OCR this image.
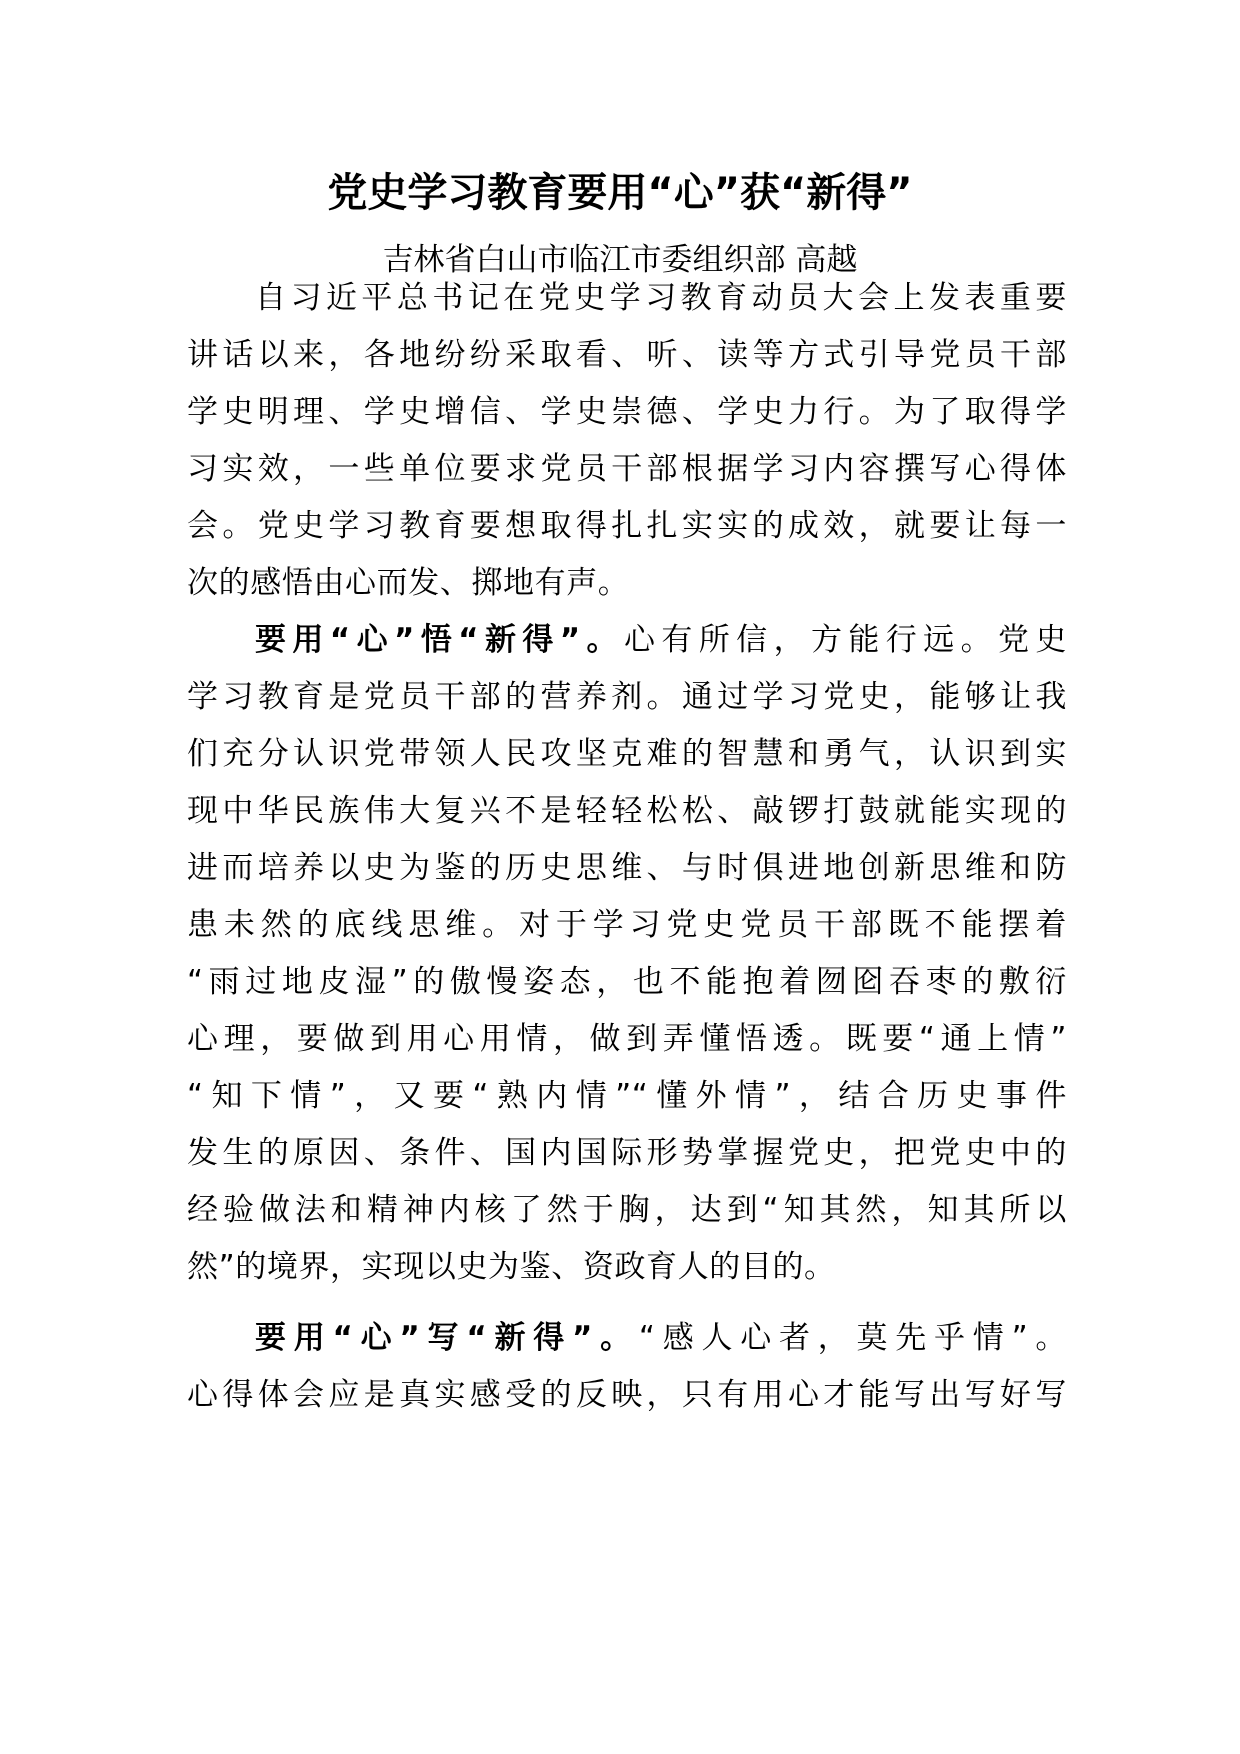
党史学习教育要用“心”获“新得”

吉林省白山市临江市委组织部 高越

自习近平总书记在党史学习教育动员大会上发表重要
讲话以来，各地纷纷采取看、听、读等方式引导党员干部
学史明理、学史增信、学史崇德、学史力行。为了取得学
习实效，一些单位要求党员干部根据学习内容撰写心得体
会。党史学习教育要想取得扎扎实实的成效，就要让每一
次的感悟由心而发、掷地有声。
要用“心”悟“新得”。心有所信，方能行远。党史
学习教育是党员干部的营养剂。通过学习党史，能够让我
们充分认识党带领人民攻坚克难的智慧和勇气，认识到实
现中华民族伟大复兴不是轻轻松松、敲锣打鼓就能实现的
进而培养以史为鉴的历史思维、与时俱进地创新思维和防
患未然的底线思维。对于学习党史党员干部既不能摆着
“雨过地皮湿”的傲慢姿态，也不能抱着囫囵吞枣的敷衍
心理，要做到用心用情，做到弄懂悟透。既要“通上情”
“知下情”，又要“熟内情”“懂外情”，结合历史事件
发生的原因、条件、国内国际形势掌握党史，把党史中的
经验做法和精神内核了然于胸，达到“知其然，知其所以
然”的境界，实现以史为鉴、资政育人的目的。
要用“心”写“新得”。“感人心者，莫先乎情”。
心得体会应是真实感受的反映，只有用心才能写出写好写
